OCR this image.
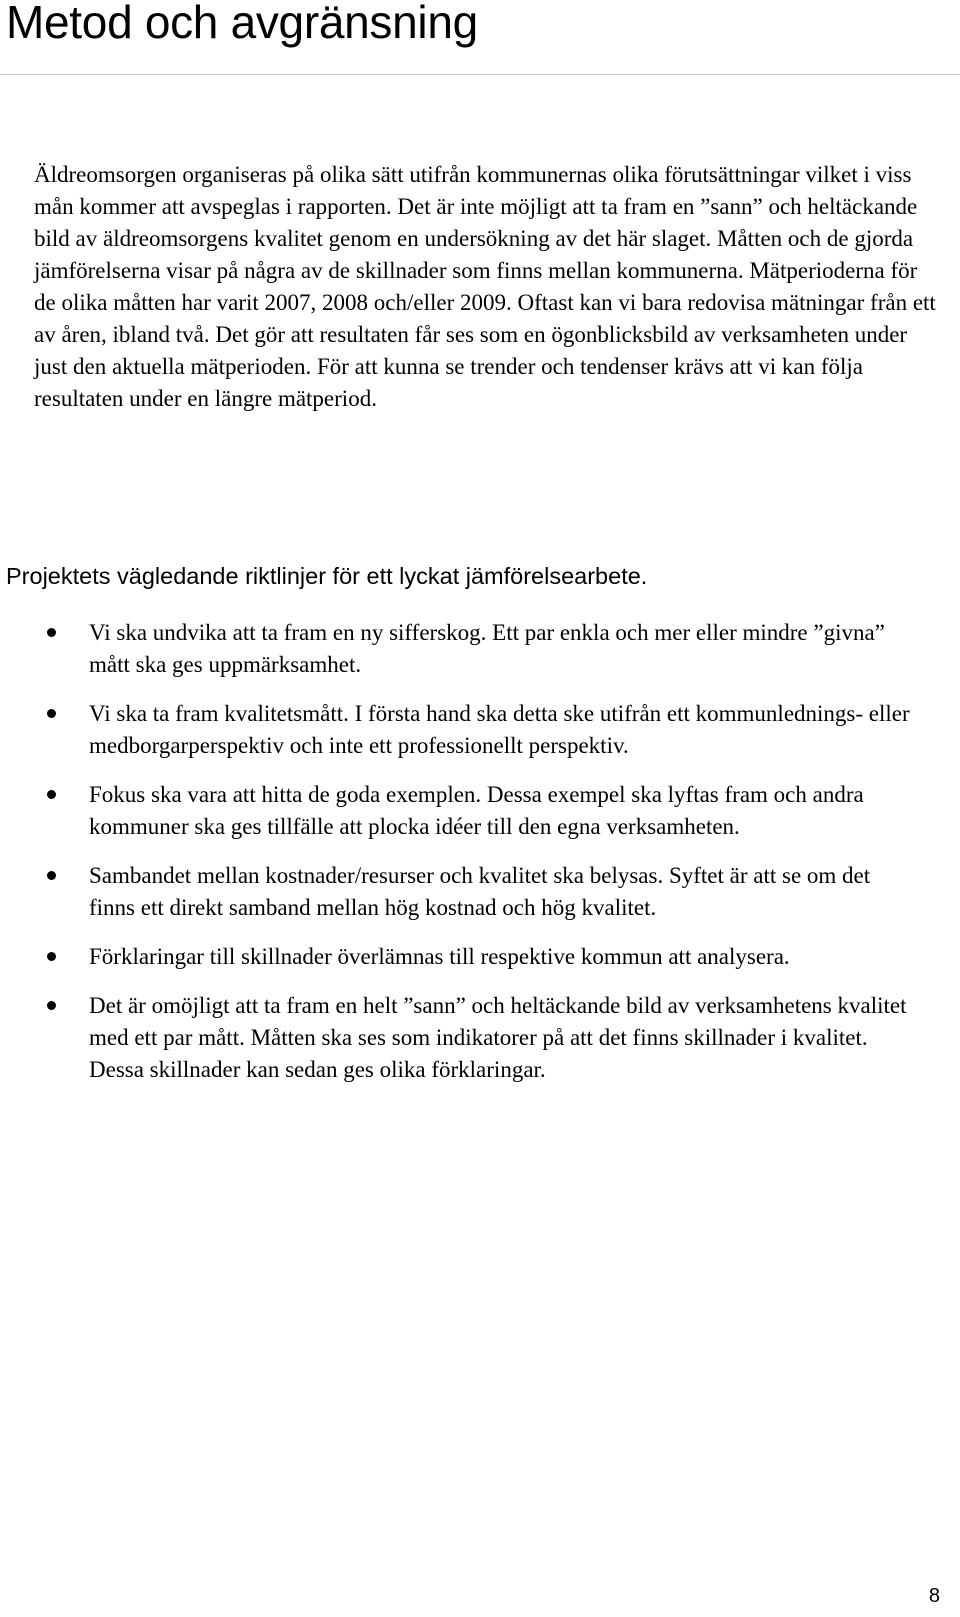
Metod och avgränsning

Äldreomsorgen organiseras på olika sätt utifrån kommunernas olika förutsättningar vilket i viss mån kommer att avspeglas i rapporten. Det är inte möjligt att ta fram en ”sann” och heltäckande bild av äldreomsorgens kvalitet genom en undersökning av det här slaget. Måtten och de gjorda jämförelserna visar på några av de skillnader som finns mellan kommunerna. Mätperioderna för de olika måtten har varit 2007, 2008 och/eller 2009. Oftast kan vi bara redovisa mätningar från ett av åren, ibland två. Det gör att resultaten får ses som en ögonblicksbild av verksamheten under just den aktuella mätperioden. För att kunna se trender och tendenser krävs att vi kan följa resultaten under en längre mätperiod.

Projektets vägledande riktlinjer för ett lyckat jämförelsearbete.
Vi ska undvika att ta fram en ny sifferskog. Ett par enkla och mer eller mindre ”givna” mått ska ges uppmärksamhet.
Vi ska ta fram kvalitetsmått. I första hand ska detta ske utifrån ett kommunlednings- eller medborgarperspektiv och inte ett professionellt perspektiv.
Fokus ska vara att hitta de goda exemplen. Dessa exempel ska lyftas fram och andra kommuner ska ges tillfälle att plocka idéer till den egna verksamheten.
Sambandet mellan kostnader/resurser och kvalitet ska belysas. Syftet är att se om det finns ett direkt samband mellan hög kostnad och hög kvalitet.
Förklaringar till skillnader överlämnas till respektive kommun att analysera.
Det är omöjligt att ta fram en helt ”sann” och heltäckande bild av verksamhetens kvalitet med ett par mått. Måtten ska ses som indikatorer på att det finns skillnader i kvalitet. Dessa skillnader kan sedan ges olika förklaringar.
8
